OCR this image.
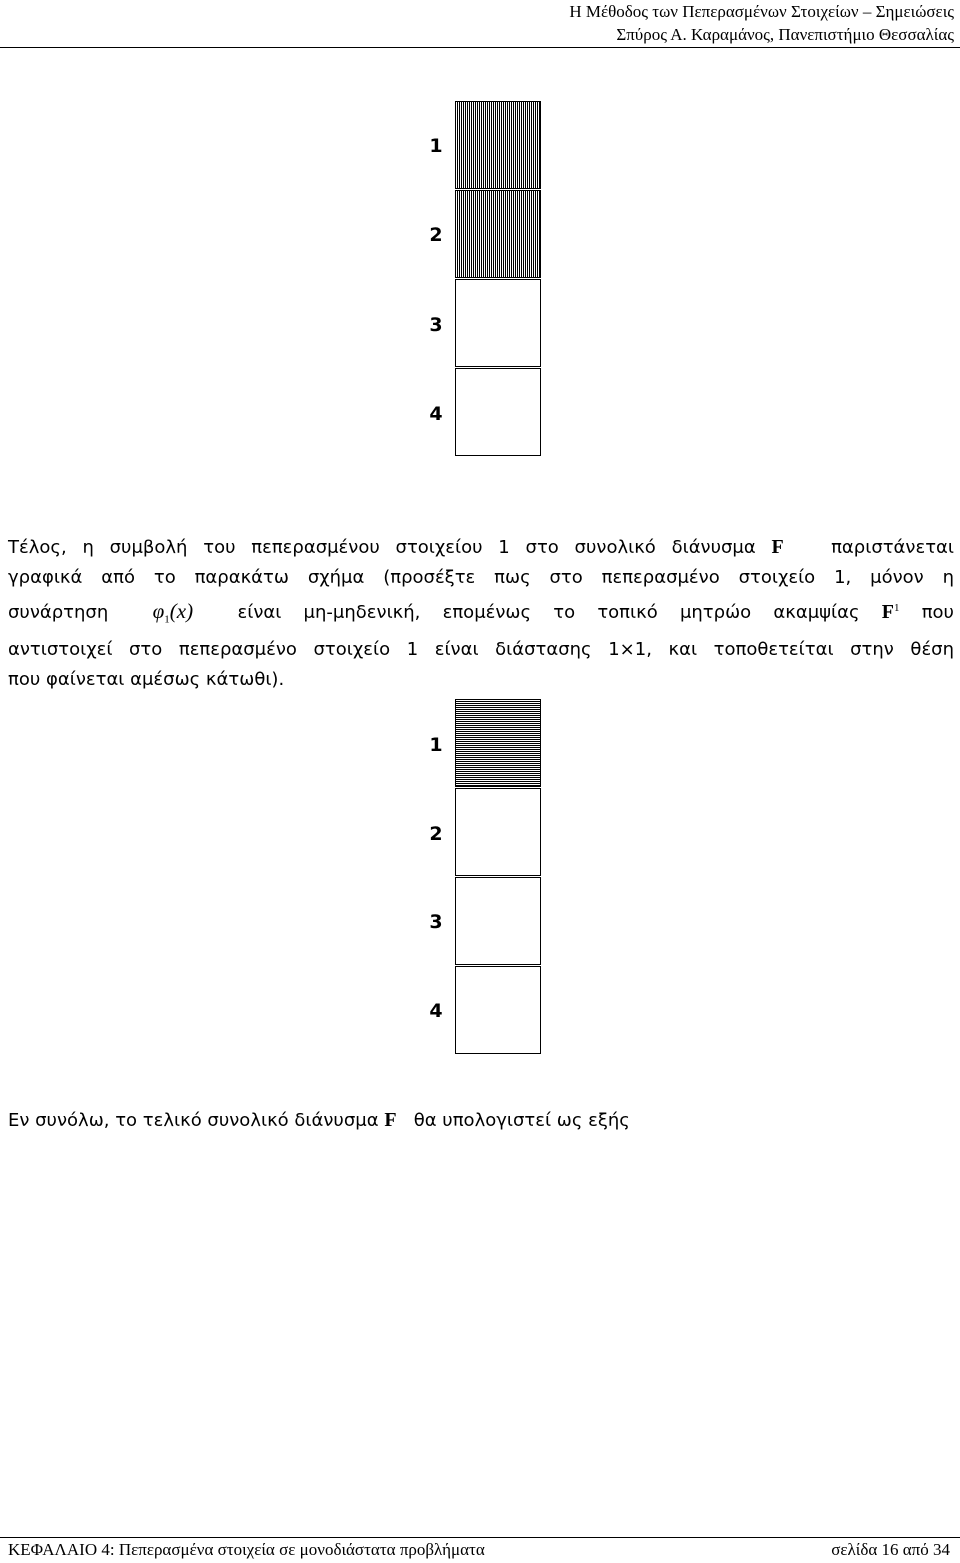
Η Μέθοδος των Πεπερασμένων Στοιχείων – Σημειώσεις
Σπύρος Α. Καραμάνος, Πανεπιστήμιο Θεσσαλίας
1
2
3
4
Τέλος, η συμβολή του πεπερασμένου στοιχείου 1 στο συνολικό διάνυσμα F	παριστάνεται
γραφικά από το παρακάτω σχήμα (προσέξτε πως στο πεπερασμένο στοιχείο 1, μόνον η
συνάρτηση $\varphi_1(x)$ είναι μη-μηδενική, επομένως το τοπικό μητρώο ακαμψίας $F^1$ που
αντιστοιχεί στο πεπερασμένο στοιχείο 1 είναι διάστασης 1×1, και τοποθετείται στην θέση
που φαίνεται αμέσως κάτωθι).
1
2
3
4
Εν συνόλω, το τελικό συνολικό διάνυσμα F θα υπολογιστεί ως εξής
ΚΕΦΑΛΑΙΟ 4: Πεπερασμένα στοιχεία σε μονοδιάστατα προβλήματα	σελίδα 16 από 34
